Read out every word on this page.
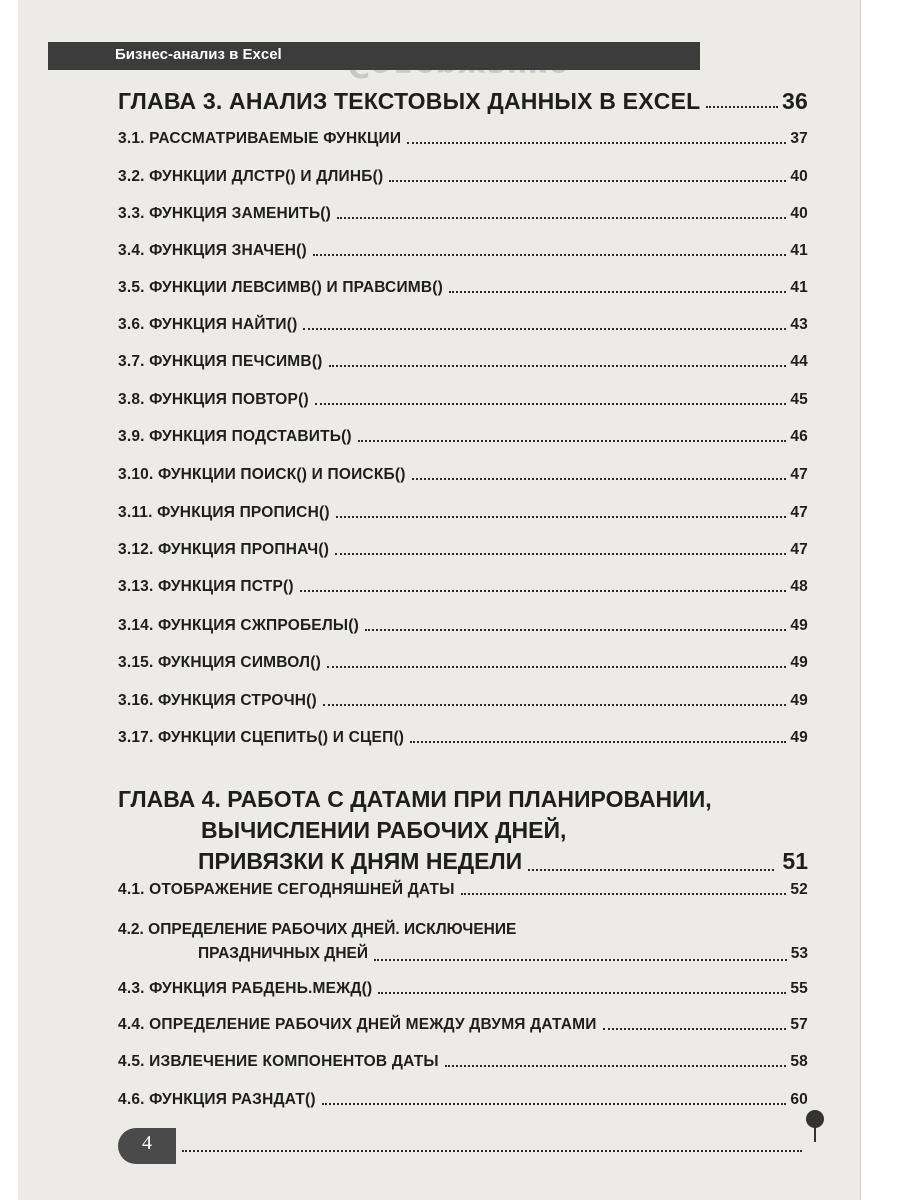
Бизнес-анализ в Excel
ГЛАВА 3. АНАЛИЗ ТЕКСТОВЫХ ДАННЫХ В EXCEL	36
3.1. РАССМАТРИВАЕМЫЕ ФУНКЦИИ	37
3.2. ФУНКЦИИ ДЛСТР() И ДЛИНБ()	40
3.3. ФУНКЦИЯ ЗАМЕНИТЬ()	40
3.4. ФУНКЦИЯ ЗНАЧЕН()	41
3.5. ФУНКЦИИ ЛЕВСИМВ() И ПРАВСИМВ()	41
3.6. ФУНКЦИЯ НАЙТИ()	43
3.7. ФУНКЦИЯ ПЕЧСИМВ()	44
3.8. ФУНКЦИЯ ПОВТОР()	45
3.9. ФУНКЦИЯ ПОДСТАВИТЬ()	46
3.10. ФУНКЦИИ ПОИСК() И ПОИСКБ()	47
3.11. ФУНКЦИЯ ПРОПИСН()	47
3.12. ФУНКЦИЯ ПРОПНАЧ()	47
3.13. ФУНКЦИЯ ПСТР()	48
3.14. ФУНКЦИЯ СЖПРОБЕЛЫ()	49
3.15. ФУКНЦИЯ СИМВОЛ()	49
3.16. ФУНКЦИЯ СТРОЧН()	49
3.17. ФУНКЦИИ СЦЕПИТЬ() И СЦЕП()	49
ГЛАВА 4. РАБОТА С ДАТАМИ ПРИ ПЛАНИРОВАНИИ,
ВЫЧИСЛЕНИИ РАБОЧИХ ДНЕЙ,
ПРИВЯЗКИ К ДНЯМ НЕДЕЛИ	51
4.1. ОТОБРАЖЕНИЕ СЕГОДНЯШНЕЙ ДАТЫ	52
4.2. ОПРЕДЕЛЕНИЕ РАБОЧИХ ДНЕЙ. ИСКЛЮЧЕНИЕ
ПРАЗДНИЧНЫХ ДНЕЙ	53
4.3. ФУНКЦИЯ РАБДЕНЬ.МЕЖД()	55
4.4. ОПРЕДЕЛЕНИЕ РАБОЧИХ ДНЕЙ МЕЖДУ ДВУМЯ ДАТАМИ	57
4.5. ИЗВЛЕЧЕНИЕ КОМПОНЕНТОВ ДАТЫ	58
4.6. ФУНКЦИЯ РАЗНДАТ()	60
4
